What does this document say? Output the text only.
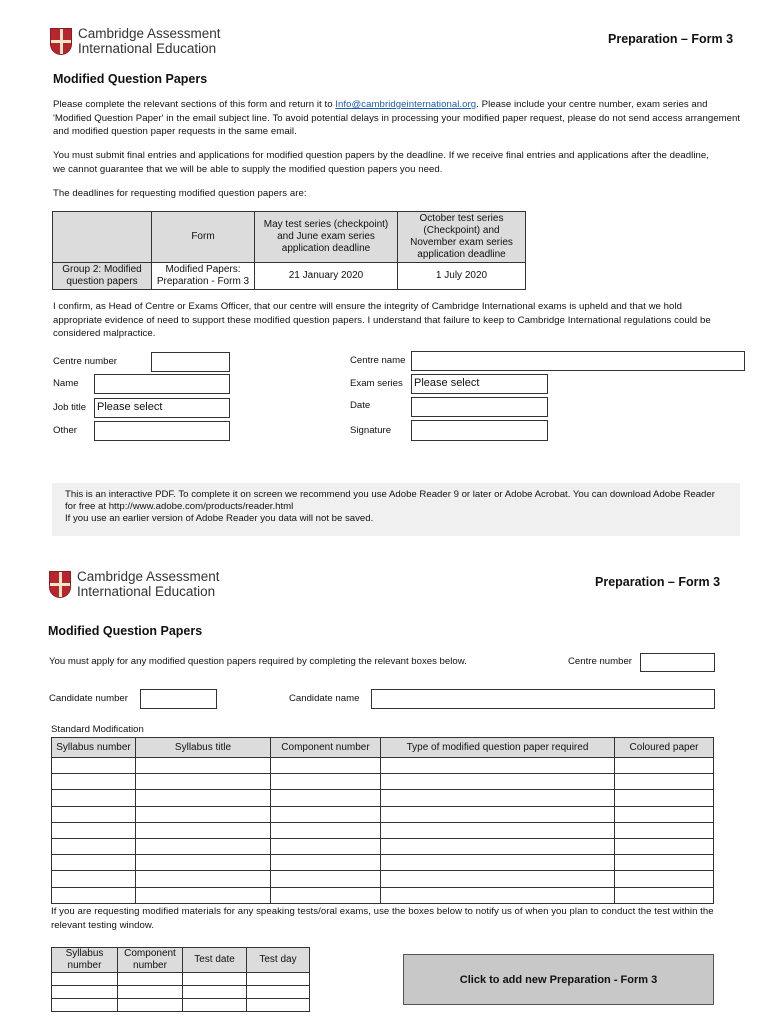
Cambridge Assessment
International Education
Preparation – Form 3
Modified Question Papers
Please complete the relevant sections of this form and return it to Info@cambridgeinternational.org. Please include your centre number, exam series and 'Modified Question Paper' in the email subject line. To avoid potential delays in processing your modified paper request, please do not send access arrangement and modified question paper requests in the same email.
You must submit final entries and applications for modified question papers by the deadline. If we receive final entries and applications after the deadline, we cannot guarantee that we will be able to supply the modified question papers you need.
The deadlines for requesting modified question papers are:
	Form	May test series (checkpoint) and June exam series application deadline	October test series (Checkpoint) and November exam series application deadline
Group 2: Modified question papers	Modified Papers: Preparation - Form 3	21 January 2020	1 July 2020
I confirm, as Head of Centre or Exams Officer, that our centre will ensure the integrity of Cambridge International exams is upheld and that we hold appropriate evidence of need to support these modified question papers. I understand that failure to keep to Cambridge International regulations could be considered malpractice.
Centre number
Name
Job title Please select
Other
Centre name
Exam series Please select
Date
Signature
This is an interactive PDF. To complete it on screen we recommend you use Adobe Reader 9 or later or Adobe Acrobat. You can download Adobe Reader for free at http://www.adobe.com/products/reader.html
If you use an earlier version of Adobe Reader you data will not be saved.
Cambridge Assessment
International Education
Preparation – Form 3
Modified Question Papers
You must apply for any modified question papers required by completing the relevant boxes below.	Centre number
Candidate number	Candidate name
Standard Modification
Syllabus number	Syllabus title	Component number	Type of modified question paper required	Coloured paper

If you are requesting modified materials for any speaking tests/oral exams, use the boxes below to notify us of when you plan to conduct the test within the relevant testing window.
Syllabus number	Component number	Test date	Test day

Click to add new Preparation - Form 3
